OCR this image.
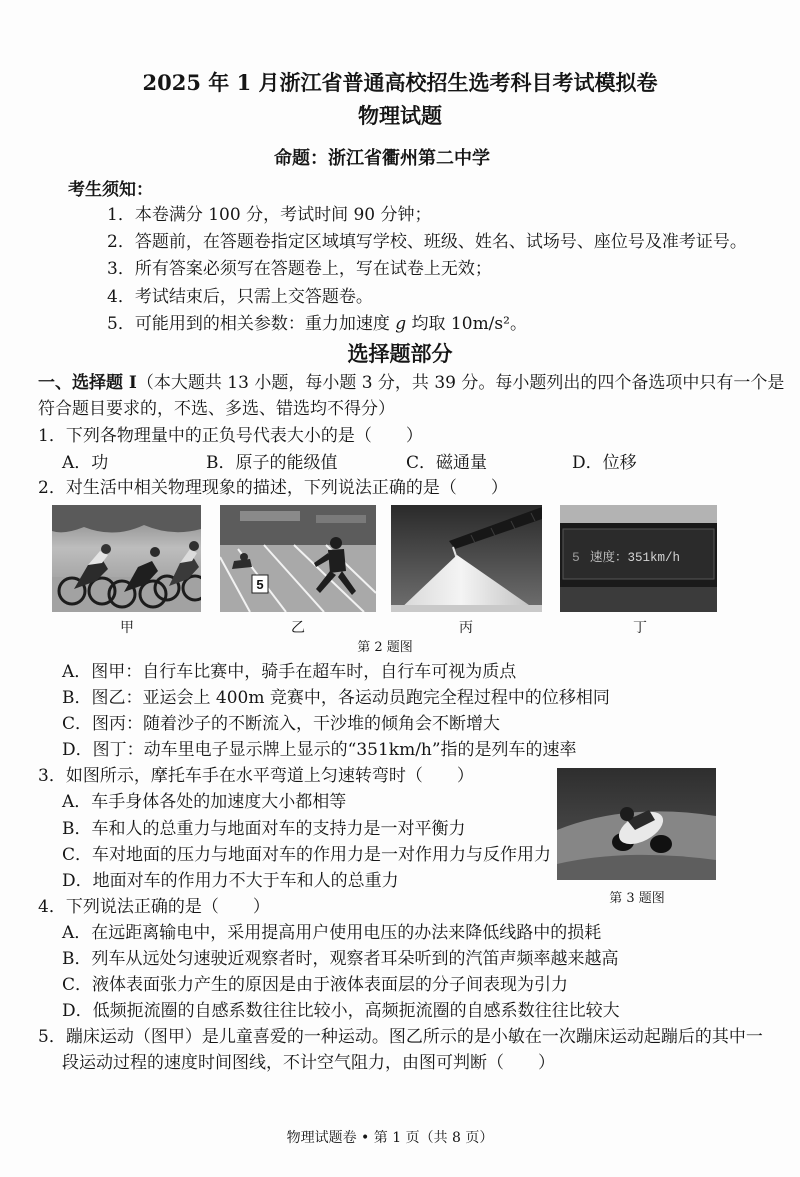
2025 年 1 月浙江省普通高校招生选考科目考试模拟卷
物理试题
命题：浙江省衢州第二中学
考生须知：
1．本卷满分 100 分，考试时间 90 分钟；
2．答题前，在答题卷指定区域填写学校、班级、姓名、试场号、座位号及准考证号。
3．所有答案必须写在答题卷上，写在试卷上无效；
4．考试结束后，只需上交答题卷。
5．可能用到的相关参数：重力加速度 g 均取 10m/s²。
选择题部分
一、选择题 I（本大题共 13 小题，每小题 3 分，共 39 分。每小题列出的四个备选项中只有一个是
符合题目要求的，不选、多选、错选均不得分）
1．下列各物理量中的正负号代表大小的是（　　）
A．功	B．原子的能级值	C．磁通量	D．位移
2．对生活中相关物理现象的描述，下列说法正确的是（　　）
5
5 速度：351km/h
甲	乙	丙	丁
第 2 题图
A．图甲：自行车比赛中，骑手在超车时，自行车可视为质点
B．图乙：亚运会上 400m 竞赛中，各运动员跑完全程过程中的位移相同
C．图丙：随着沙子的不断流入，干沙堆的倾角会不断增大
D．图丁：动车里电子显示牌上显示的“351km/h”指的是列车的速率
3．如图所示，摩托车手在水平弯道上匀速转弯时（　　）
第 3 题图
A．车手身体各处的加速度大小都相等
B．车和人的总重力与地面对车的支持力是一对平衡力
C．车对地面的压力与地面对车的作用力是一对作用力与反作用力
D．地面对车的作用力不大于车和人的总重力
4．下列说法正确的是（　　）
A．在远距离输电中，采用提高用户使用电压的办法来降低线路中的损耗
B．列车从远处匀速驶近观察者时，观察者耳朵听到的汽笛声频率越来越高
C．液体表面张力产生的原因是由于液体表面层的分子间表现为引力
D．低频扼流圈的自感系数往往比较小，高频扼流圈的自感系数往往比较大
5．蹦床运动（图甲）是儿童喜爱的一种运动。图乙所示的是小敏在一次蹦床运动起蹦后的其中一
段运动过程的速度时间图线，不计空气阻力，由图可判断（　　）
物理试题卷 • 第 1 页（共 8 页）
